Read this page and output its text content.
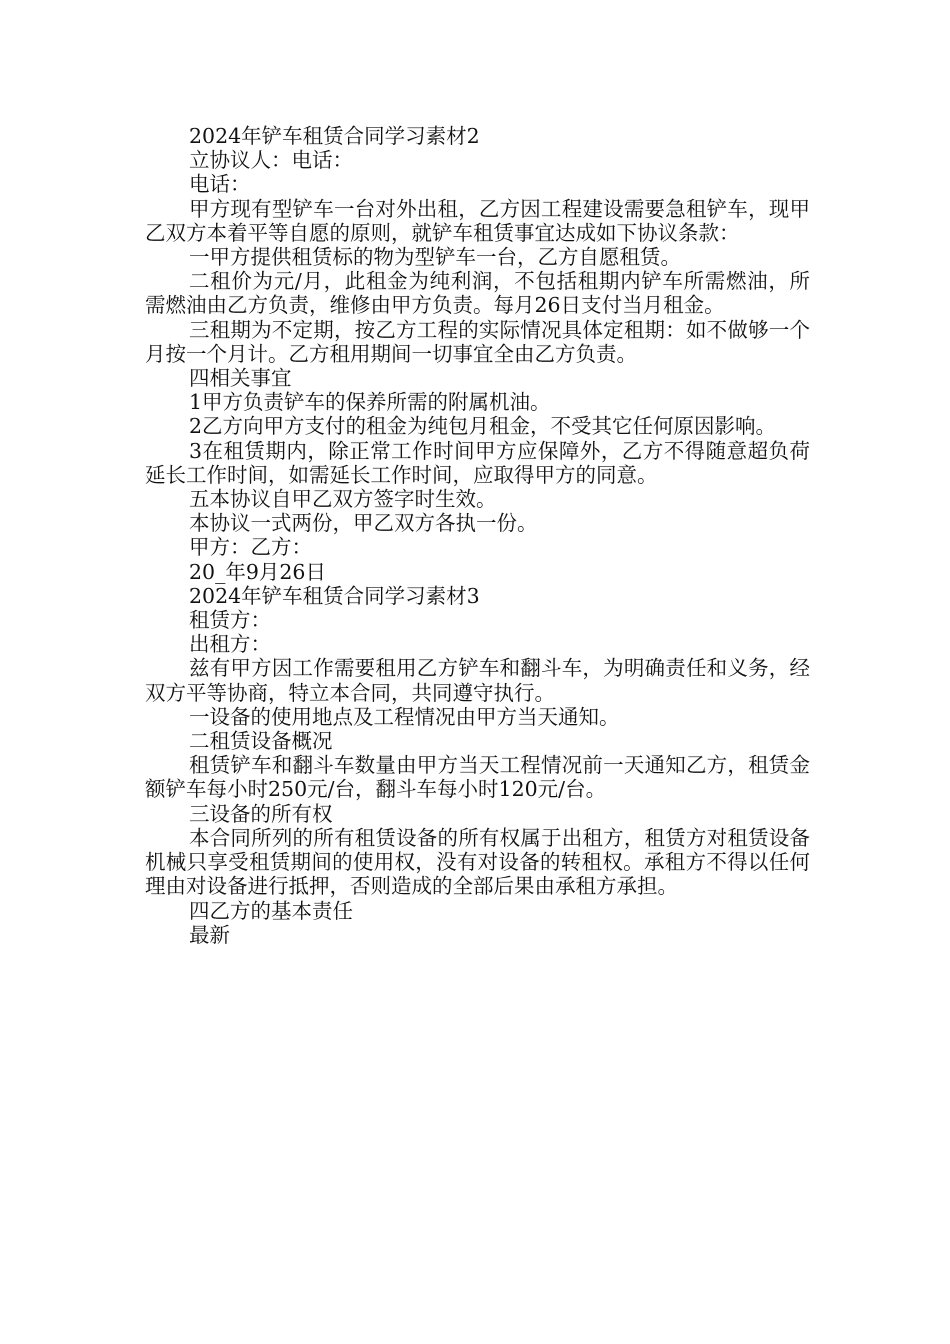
2024年铲车租赁合同学习素材2

立协议人：电话：

电话：

甲方现有型铲车一台对外出租，乙方因工程建设需要急租铲车，现甲乙双方本着平等自愿的原则，就铲车租赁事宜达成如下协议条款：

一甲方提供租赁标的物为型铲车一台，乙方自愿租赁。

二租价为元/月，此租金为纯利润，不包括租期内铲车所需燃油，所需燃油由乙方负责，维修由甲方负责。每月26日支付当月租金。

三租期为不定期，按乙方工程的实际情况具体定租期：如不做够一个月按一个月计。乙方租用期间一切事宜全由乙方负责。

四相关事宜

1甲方负责铲车的保养所需的附属机油。

2乙方向甲方支付的租金为纯包月租金，不受其它任何原因影响。

3在租赁期内，除正常工作时间甲方应保障外，乙方不得随意超负荷延长工作时间，如需延长工作时间，应取得甲方的同意。

五本协议自甲乙双方签字时生效。

本协议一式两份，甲乙双方各执一份。

甲方：乙方：

20_年9月26日

2024年铲车租赁合同学习素材3

租赁方：

出租方：

兹有甲方因工作需要租用乙方铲车和翻斗车，为明确责任和义务，经双方平等协商，特立本合同，共同遵守执行。

一设备的使用地点及工程情况由甲方当天通知。

二租赁设备概况

租赁铲车和翻斗车数量由甲方当天工程情况前一天通知乙方，租赁金额铲车每小时250元/台，翻斗车每小时120元/台。

三设备的所有权

本合同所列的所有租赁设备的所有权属于出租方，租赁方对租赁设备机械只享受租赁期间的使用权，没有对设备的转租权。承租方不得以任何理由对设备进行抵押，否则造成的全部后果由承租方承担。

四乙方的基本责任

最新
